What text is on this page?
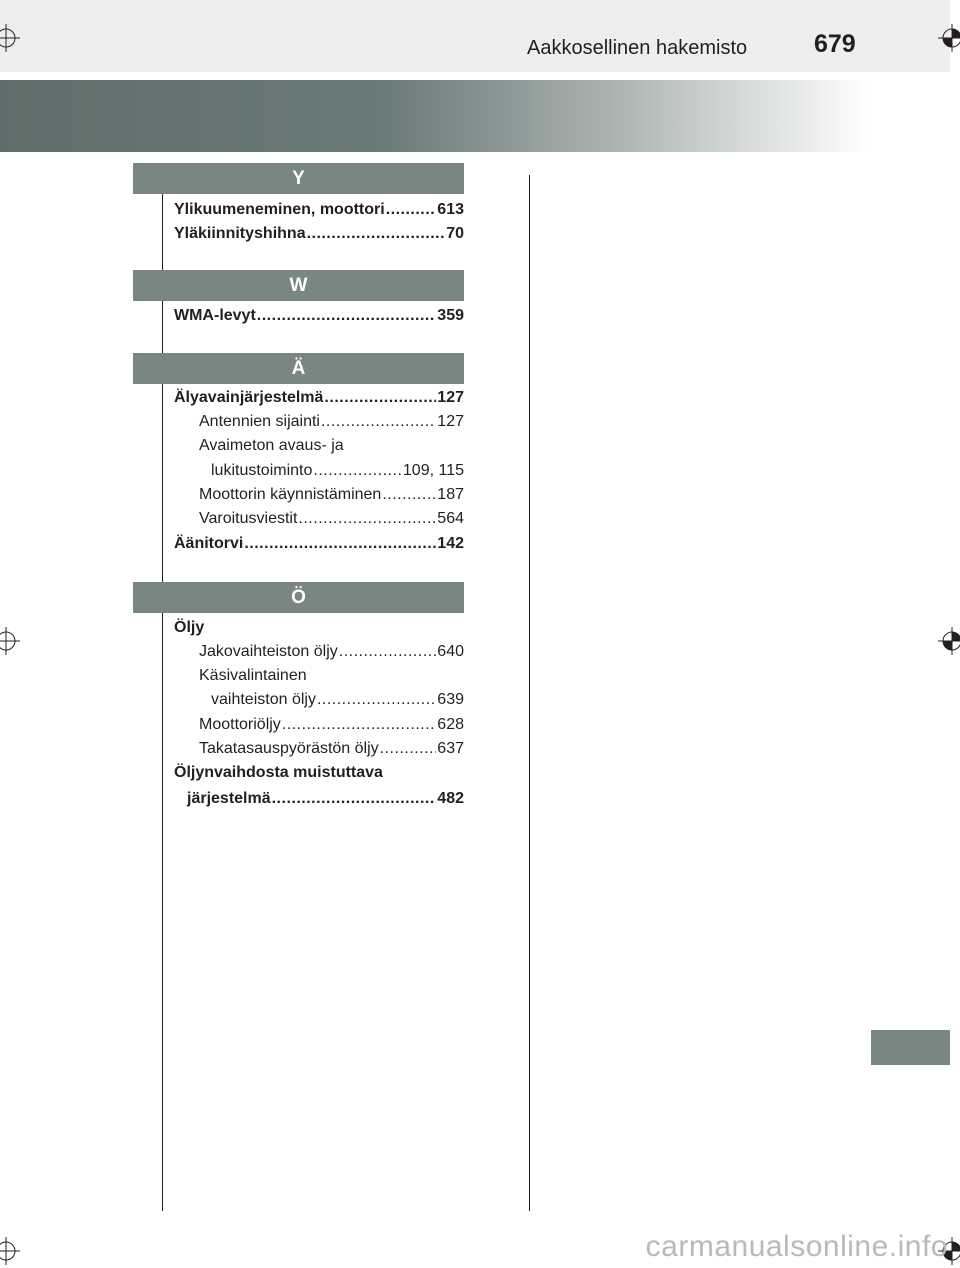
Aakkosellinen hakemisto	679
Y
Ylikuumeneminen, moottori .....	613
Yläkiinnityshihna .....	70
W
WMA-levyt .....	359
Ä
Älyavainjärjestelmä .....	127
Antennien sijainti .....	127
Avaimeton avaus- ja
lukitustoiminto .....	109, 115
Moottorin käynnistäminen .....	187
Varoitusviestit .....	564
Äänitorvi .....	142
Ö
Öljy
Jakovaihteiston öljy .....	640
Käsivalintainen
vaihteiston öljy .....	639
Moottoriöljy .....	628
Takatasauspyörästön öljy .....	637
Öljynvaihdosta muistuttava
järjestelmä .....	482
carmanualsonline.info
